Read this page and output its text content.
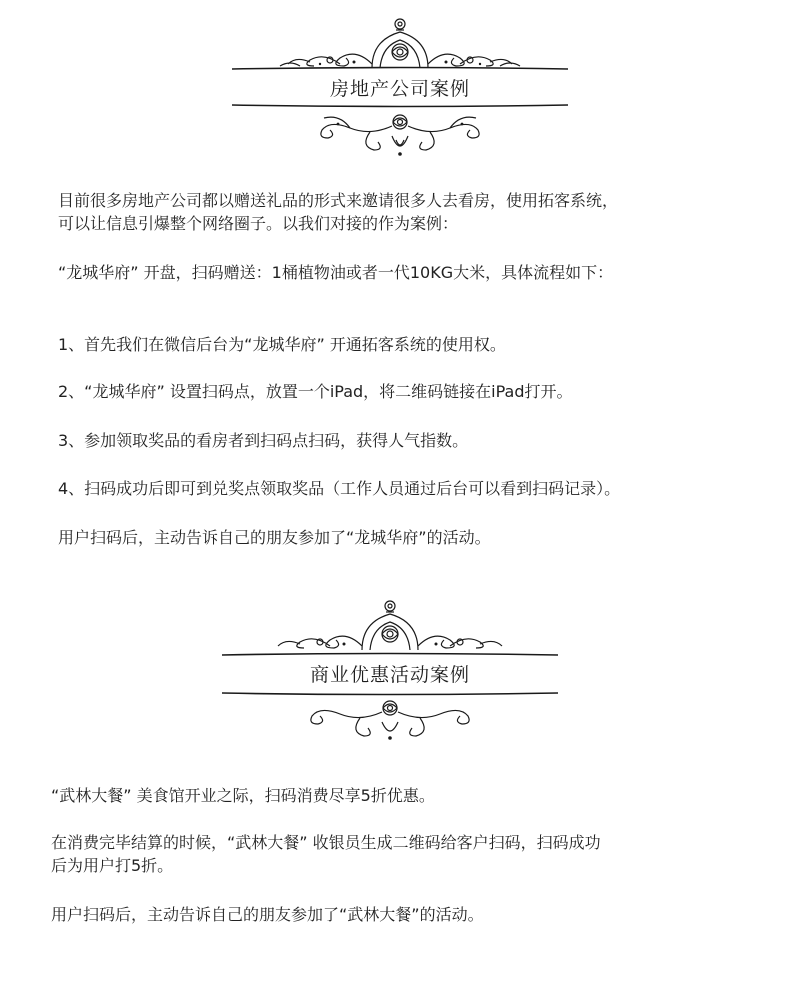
房地产公司案例
目前很多房地产公司都以赠送礼品的形式来邀请很多人去看房，使用拓客系统，
可以让信息引爆整个网络圈子。以我们对接的作为案例：
“龙城华府” 开盘，扫码赠送：1桶植物油或者一代10KG大米，具体流程如下：
1、首先我们在微信后台为“龙城华府” 开通拓客系统的使用权。
2、“龙城华府” 设置扫码点，放置一个iPad，将二维码链接在iPad打开。
3、参加领取奖品的看房者到扫码点扫码，获得人气指数。
4、扫码成功后即可到兑奖点领取奖品（工作人员通过后台可以看到扫码记录）。
用户扫码后，主动告诉自己的朋友参加了“龙城华府”的活动。
商业优惠活动案例
“武林大餐” 美食馆开业之际，扫码消费尽享5折优惠。
在消费完毕结算的时候，“武林大餐” 收银员生成二维码给客户扫码，扫码成功
后为用户打5折。
用户扫码后，主动告诉自己的朋友参加了“武林大餐”的活动。
